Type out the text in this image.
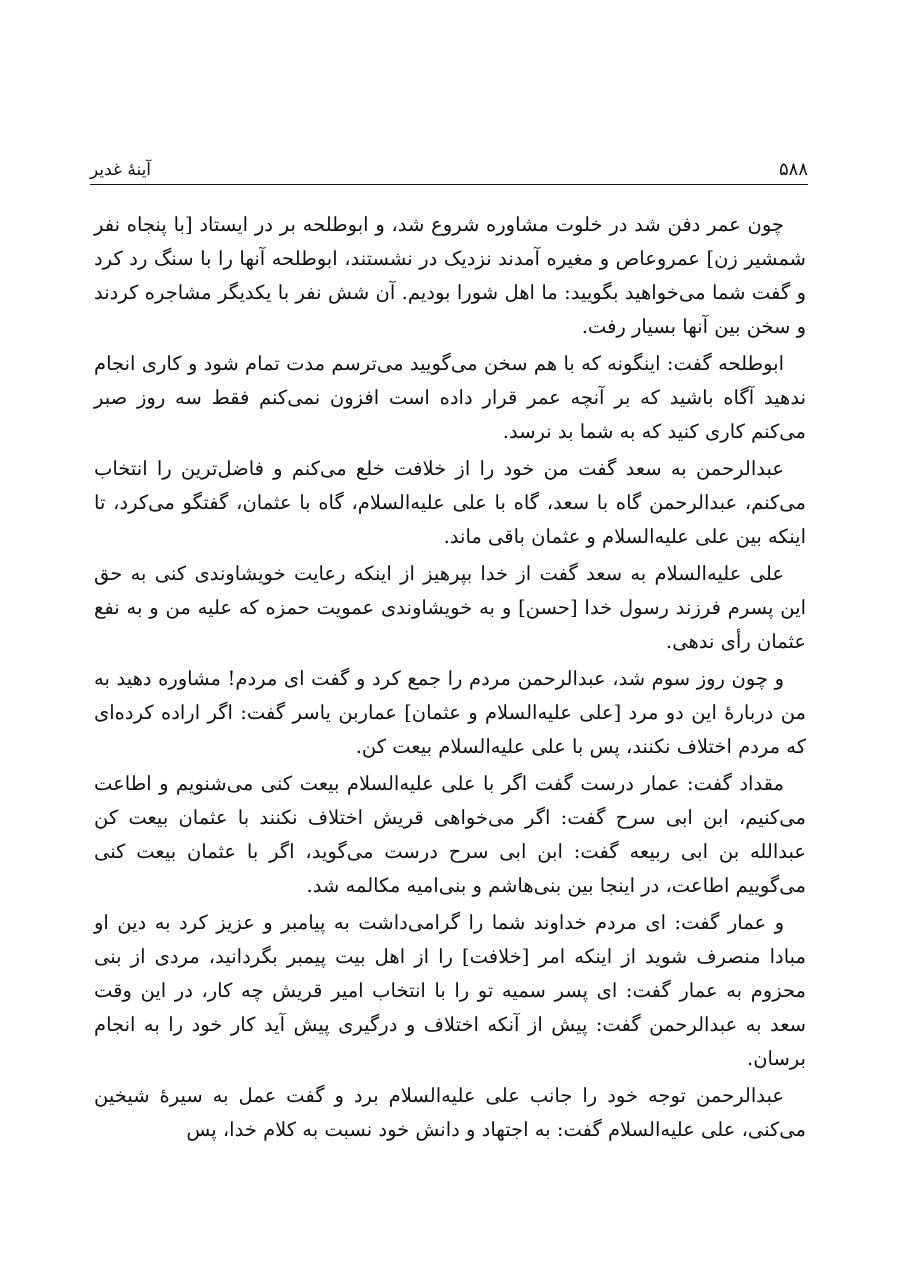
۵۸۸
آینهٔ غدیر

چون عمر دفن شد در خلوت مشاوره شروع شد، و ابوطلحه بر در ایستاد [با پنجاه نفر شمشیر زن] عمروعاص و مغیره آمدند نزدیک در نشستند، ابوطلحه آنها را با سنگ رد کرد و گفت شما می‌خواهید بگویید: ما اهل شورا بودیم. آن شش نفر با یکدیگر مشاجره کردند و سخن بین آنها بسیار رفت.

ابوطلحه گفت: اینگونه که با هم سخن می‌گویید می‌ترسم مدت تمام شود و کاری انجام ندهید آگاه باشید که بر آنچه عمر قرار داده است افزون نمی‌کنم فقط سه روز صبر می‌کنم کاری کنید که به شما بد نرسد.

عبدالرحمن به سعد گفت من خود را از خلافت خلع می‌کنم و فاضل‌ترین را انتخاب می‌کنم، عبدالرحمن گاه با سعد، گاه با علی علیه‌السلام، گاه با عثمان، گفتگو می‌کرد، تا اینکه بین علی علیه‌السلام و عثمان باقی ماند.

علی علیه‌السلام به سعد گفت از خدا بپرهیز از اینکه رعایت خویشاوندی کنی به حق این پسرم فرزند رسول خدا [حسن] و به خویشاوندی عمویت حمزه که علیه من و به نفع عثمان رأی ندهی.

و چون روز سوم شد، عبدالرحمن مردم را جمع کرد و گفت ای مردم! مشاوره دهید به من دربارهٔ این دو مرد [علی علیه‌السلام و عثمان] عماربن یاسر گفت: اگر اراده کرده‌ای که مردم اختلاف نکنند، پس با علی علیه‌السلام بیعت کن.

مقداد گفت: عمار درست گفت اگر با علی علیه‌السلام بیعت کنی می‌شنویم و اطاعت می‌کنیم، ابن ابی سرح گفت: اگر می‌خواهی قریش اختلاف نکنند با عثمان بیعت کن عبدالله بن ابی ربیعه گفت: ابن ابی سرح درست می‌گوید، اگر با عثمان بیعت کنی می‌گوییم اطاعت، در اینجا بین بنی‌هاشم و بنی‌امیه مکالمه شد.

و عمار گفت: ای مردم خداوند شما را گرامی‌داشت به پیامبر و عزیز کرد به دین او مبادا منصرف شوید از اینکه امر [خلافت] را از اهل بیت پیمبر بگردانید، مردی از بنی محزوم به عمار گفت: ای پسر سمیه تو را با انتخاب امیر قریش چه کار، در این وقت سعد به عبدالرحمن گفت: پیش از آنکه اختلاف و درگیری پیش آید کار خود را به انجام برسان.

عبدالرحمن توجه خود را جانب علی علیه‌السلام برد و گفت عمل به سیرهٔ شیخین می‌کنی، علی علیه‌السلام گفت: به اجتهاد و دانش خود نسبت به کلام خدا، پس
